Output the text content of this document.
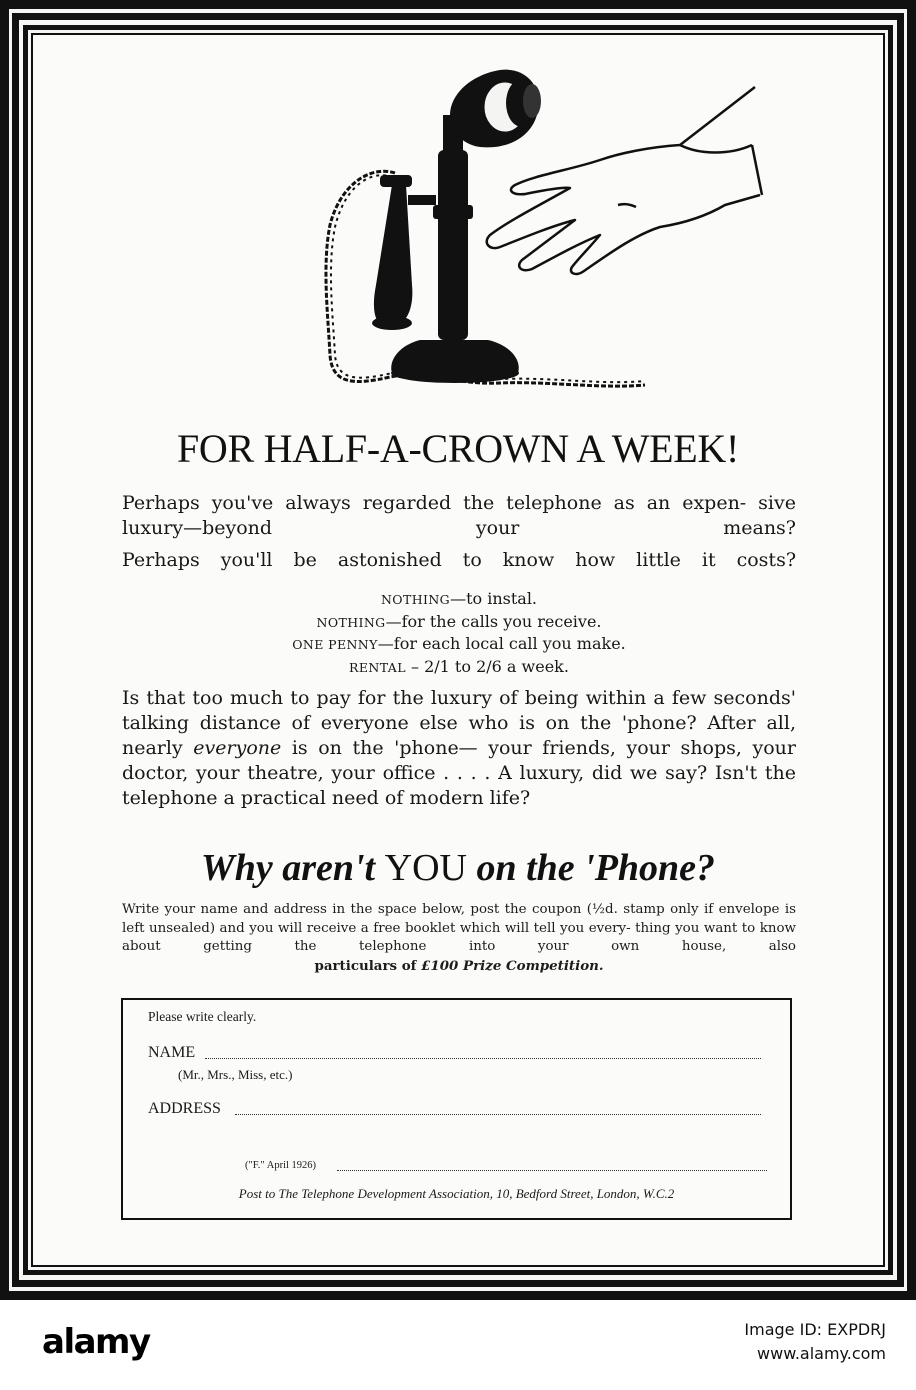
FOR HALF-A-CROWN A WEEK!
Perhaps you've always regarded the telephone as an expen- sive luxury—beyond your means?
Perhaps you'll be astonished to know how little it costs?
NOTHING—to instal.
NOTHING—for the calls you receive.
ONE PENNY—for each local call you make.
RENTAL – 2/1 to 2/6 a week.
Is that too much to pay for the luxury of being within a few seconds' talking distance of everyone else who is on the 'phone? After all, nearly everyone is on the 'phone— your friends, your shops, your doctor, your theatre, your office . . . . A luxury, did we say? Isn't the telephone a practical need of modern life?
Why aren't YOU on the 'Phone?
Write your name and address in the space below, post the coupon (½d. stamp only if envelope is left unsealed) and you will receive a free booklet which will tell you every- thing you want to know about getting the telephone into your own house, also
particulars of £100 Prize Competition.
Please write clearly.
NAME
(Mr., Mrs., Miss, etc.)
ADDRESS
("F." April 1926)
Post to The Telephone Development Association, 10, Bedford Street, London, W.C.2
alamy	Image ID: EXPDRJ
www.alamy.com
